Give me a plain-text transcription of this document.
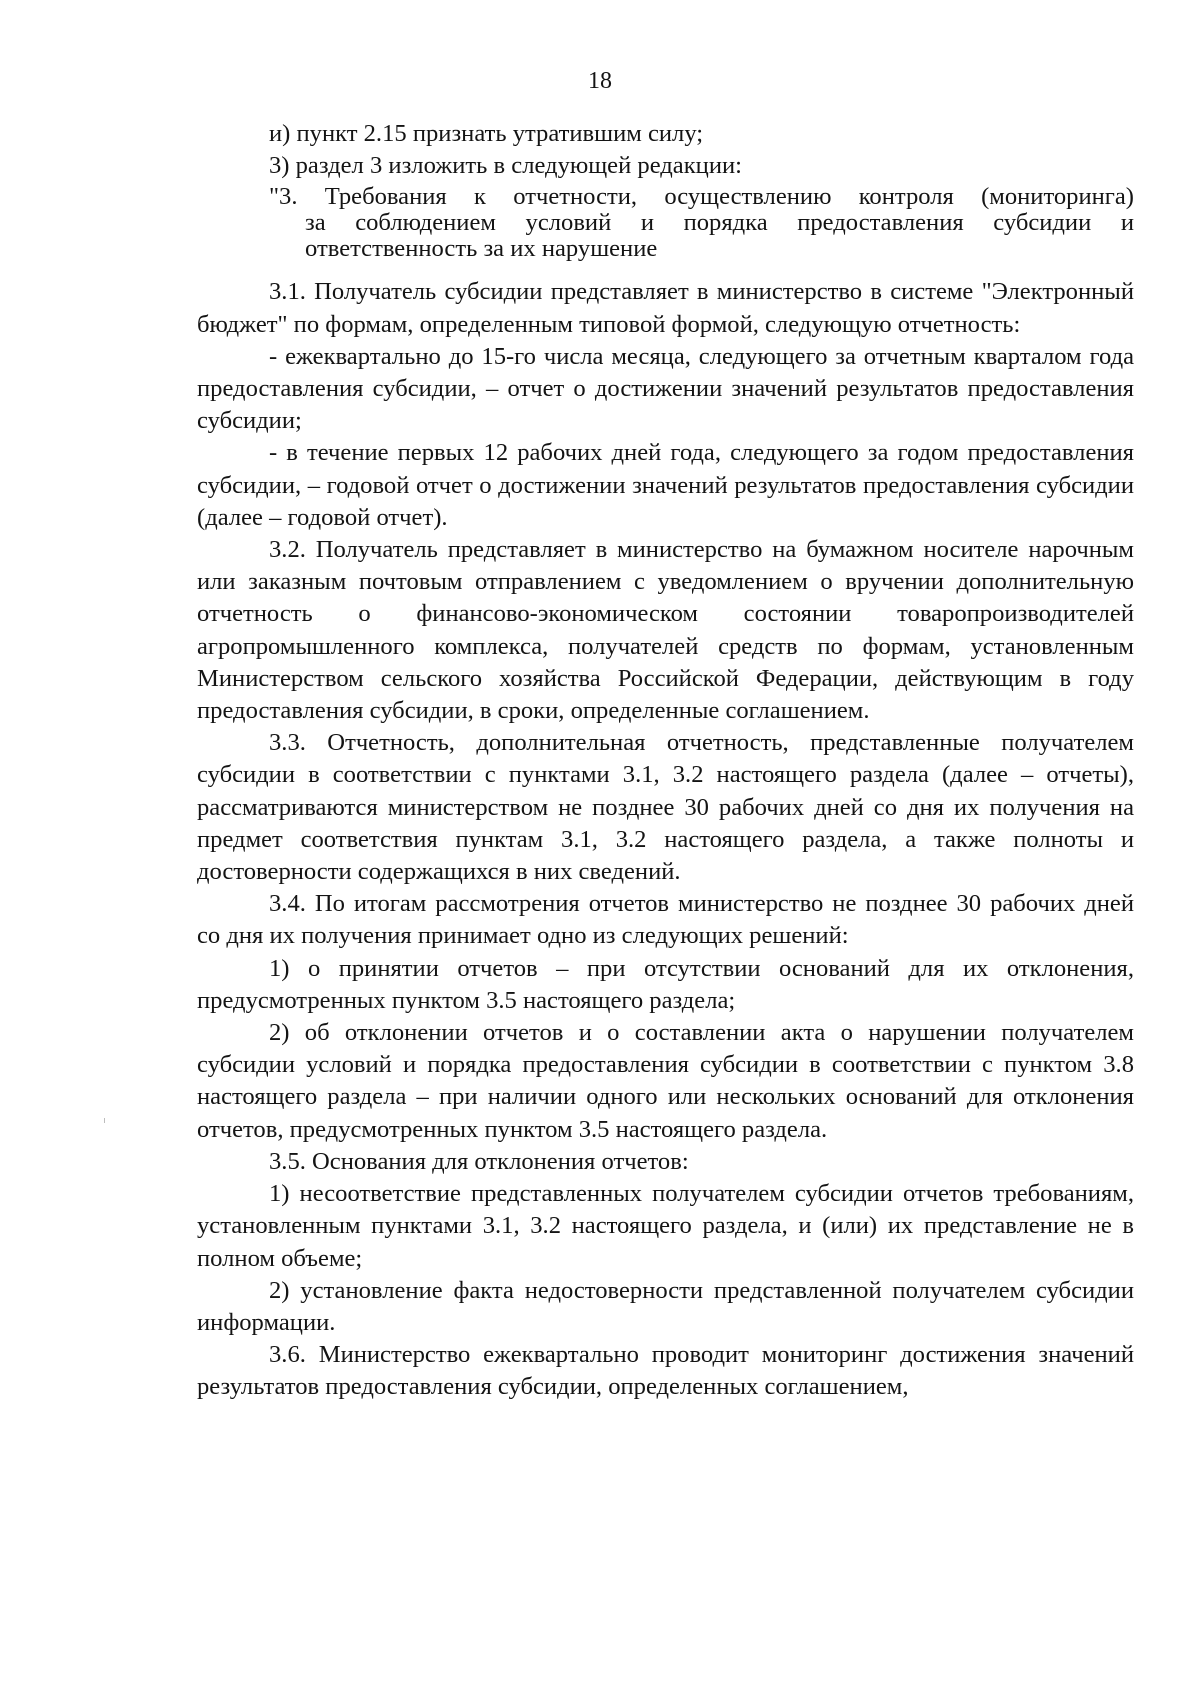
18

и) пункт 2.15 признать утратившим силу;

3) раздел 3 изложить в следующей редакции:

"3. Требования к отчетности, осуществлению контроля (мониторинга)
за соблюдением условий и порядка предоставления субсидии и
ответственность за их нарушение

3.1. Получатель субсидии представляет в министерство в системе "Электронный бюджет" по формам, определенным типовой формой, следующую отчетность:

- ежеквартально до 15-го числа месяца, следующего за отчетным кварталом года предоставления субсидии, – отчет о достижении значений результатов предоставления субсидии;

- в течение первых 12 рабочих дней года, следующего за годом предоставления субсидии, – годовой отчет о достижении значений результатов предоставления субсидии (далее – годовой отчет).

3.2. Получатель представляет в министерство на бумажном носителе нарочным или заказным почтовым отправлением с уведомлением о вручении дополнительную отчетность о финансово-экономическом состоянии товаропроизводителей агропромышленного комплекса, получателей средств по формам, установленным Министерством сельского хозяйства Российской Федерации, действующим в году предоставления субсидии, в сроки, определенные соглашением.

3.3. Отчетность, дополнительная отчетность, представленные получателем субсидии в соответствии с пунктами 3.1, 3.2 настоящего раздела (далее – отчеты), рассматриваются министерством не позднее 30 рабочих дней со дня их получения на предмет соответствия пунктам 3.1, 3.2 настоящего раздела, а также полноты и достоверности содержащихся в них сведений.

3.4. По итогам рассмотрения отчетов министерство не позднее 30 рабочих дней со дня их получения принимает одно из следующих решений:

1) о принятии отчетов – при отсутствии оснований для их отклонения, предусмотренных пунктом 3.5 настоящего раздела;

2) об отклонении отчетов и о составлении акта о нарушении получателем субсидии условий и порядка предоставления субсидии в соответствии с пунктом 3.8 настоящего раздела – при наличии одного или нескольких оснований для отклонения отчетов, предусмотренных пунктом 3.5 настоящего раздела.

3.5. Основания для отклонения отчетов:

1) несоответствие представленных получателем субсидии отчетов требованиям, установленным пунктами 3.1, 3.2 настоящего раздела, и (или) их представление не в полном объеме;

2) установление факта недостоверности представленной получателем субсидии информации.

3.6. Министерство ежеквартально проводит мониторинг достижения значений результатов предоставления субсидии, определенных соглашением,
